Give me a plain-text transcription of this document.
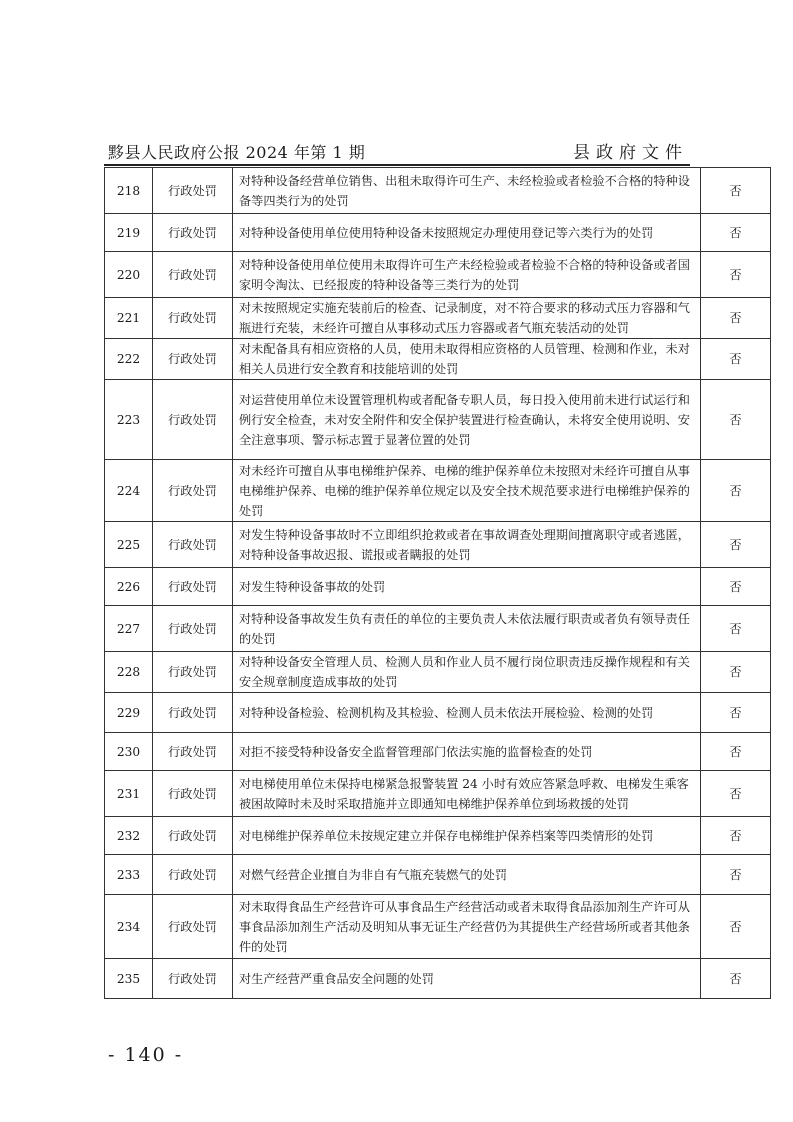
黟县人民政府公报 2024 年第 1 期	县政府文件
218	行政处罚	对特种设备经营单位销售、出租未取得许可生产、未经检验或者检验不合格的特种设备等四类行为的处罚	否
219	行政处罚	对特种设备使用单位使用特种设备未按照规定办理使用登记等六类行为的处罚	否
220	行政处罚	对特种设备使用单位使用未取得许可生产未经检验或者检验不合格的特种设备或者国家明令淘汰、已经报废的特种设备等三类行为的处罚	否
221	行政处罚	对未按照规定实施充装前后的检查、记录制度，对不符合要求的移动式压力容器和气瓶进行充装，未经许可擅自从事移动式压力容器或者气瓶充装活动的处罚	否
222	行政处罚	对未配备具有相应资格的人员，使用未取得相应资格的人员管理、检测和作业，未对相关人员进行安全教育和技能培训的处罚	否
223	行政处罚	对运营使用单位未设置管理机构或者配备专职人员，每日投入使用前未进行试运行和例行安全检查，未对安全附件和安全保护装置进行检查确认，未将安全使用说明、安全注意事项、警示标志置于显著位置的处罚	否
224	行政处罚	对未经许可擅自从事电梯维护保养、电梯的维护保养单位未按照对未经许可擅自从事电梯维护保养、电梯的维护保养单位规定以及安全技术规范要求进行电梯维护保养的处罚	否
225	行政处罚	对发生特种设备事故时不立即组织抢救或者在事故调查处理期间擅离职守或者逃匿，对特种设备事故迟报、谎报或者瞒报的处罚	否
226	行政处罚	对发生特种设备事故的处罚	否
227	行政处罚	对特种设备事故发生负有责任的单位的主要负责人未依法履行职责或者负有领导责任的处罚	否
228	行政处罚	对特种设备安全管理人员、检测人员和作业人员不履行岗位职责违反操作规程和有关安全规章制度造成事故的处罚	否
229	行政处罚	对特种设备检验、检测机构及其检验、检测人员未依法开展检验、检测的处罚	否
230	行政处罚	对拒不接受特种设备安全监督管理部门依法实施的监督检查的处罚	否
231	行政处罚	对电梯使用单位未保持电梯紧急报警装置 24 小时有效应答紧急呼救、电梯发生乘客被困故障时未及时采取措施并立即通知电梯维护保养单位到场救援的处罚	否
232	行政处罚	对电梯维护保养单位未按规定建立并保存电梯维护保养档案等四类情形的处罚	否
233	行政处罚	对燃气经营企业擅自为非自有气瓶充装燃气的处罚	否
234	行政处罚	对未取得食品生产经营许可从事食品生产经营活动或者未取得食品添加剂生产许可从事食品添加剂生产活动及明知从事无证生产经营仍为其提供生产经营场所或者其他条件的处罚	否
235	行政处罚	对生产经营严重食品安全问题的处罚	否
- 140 -
